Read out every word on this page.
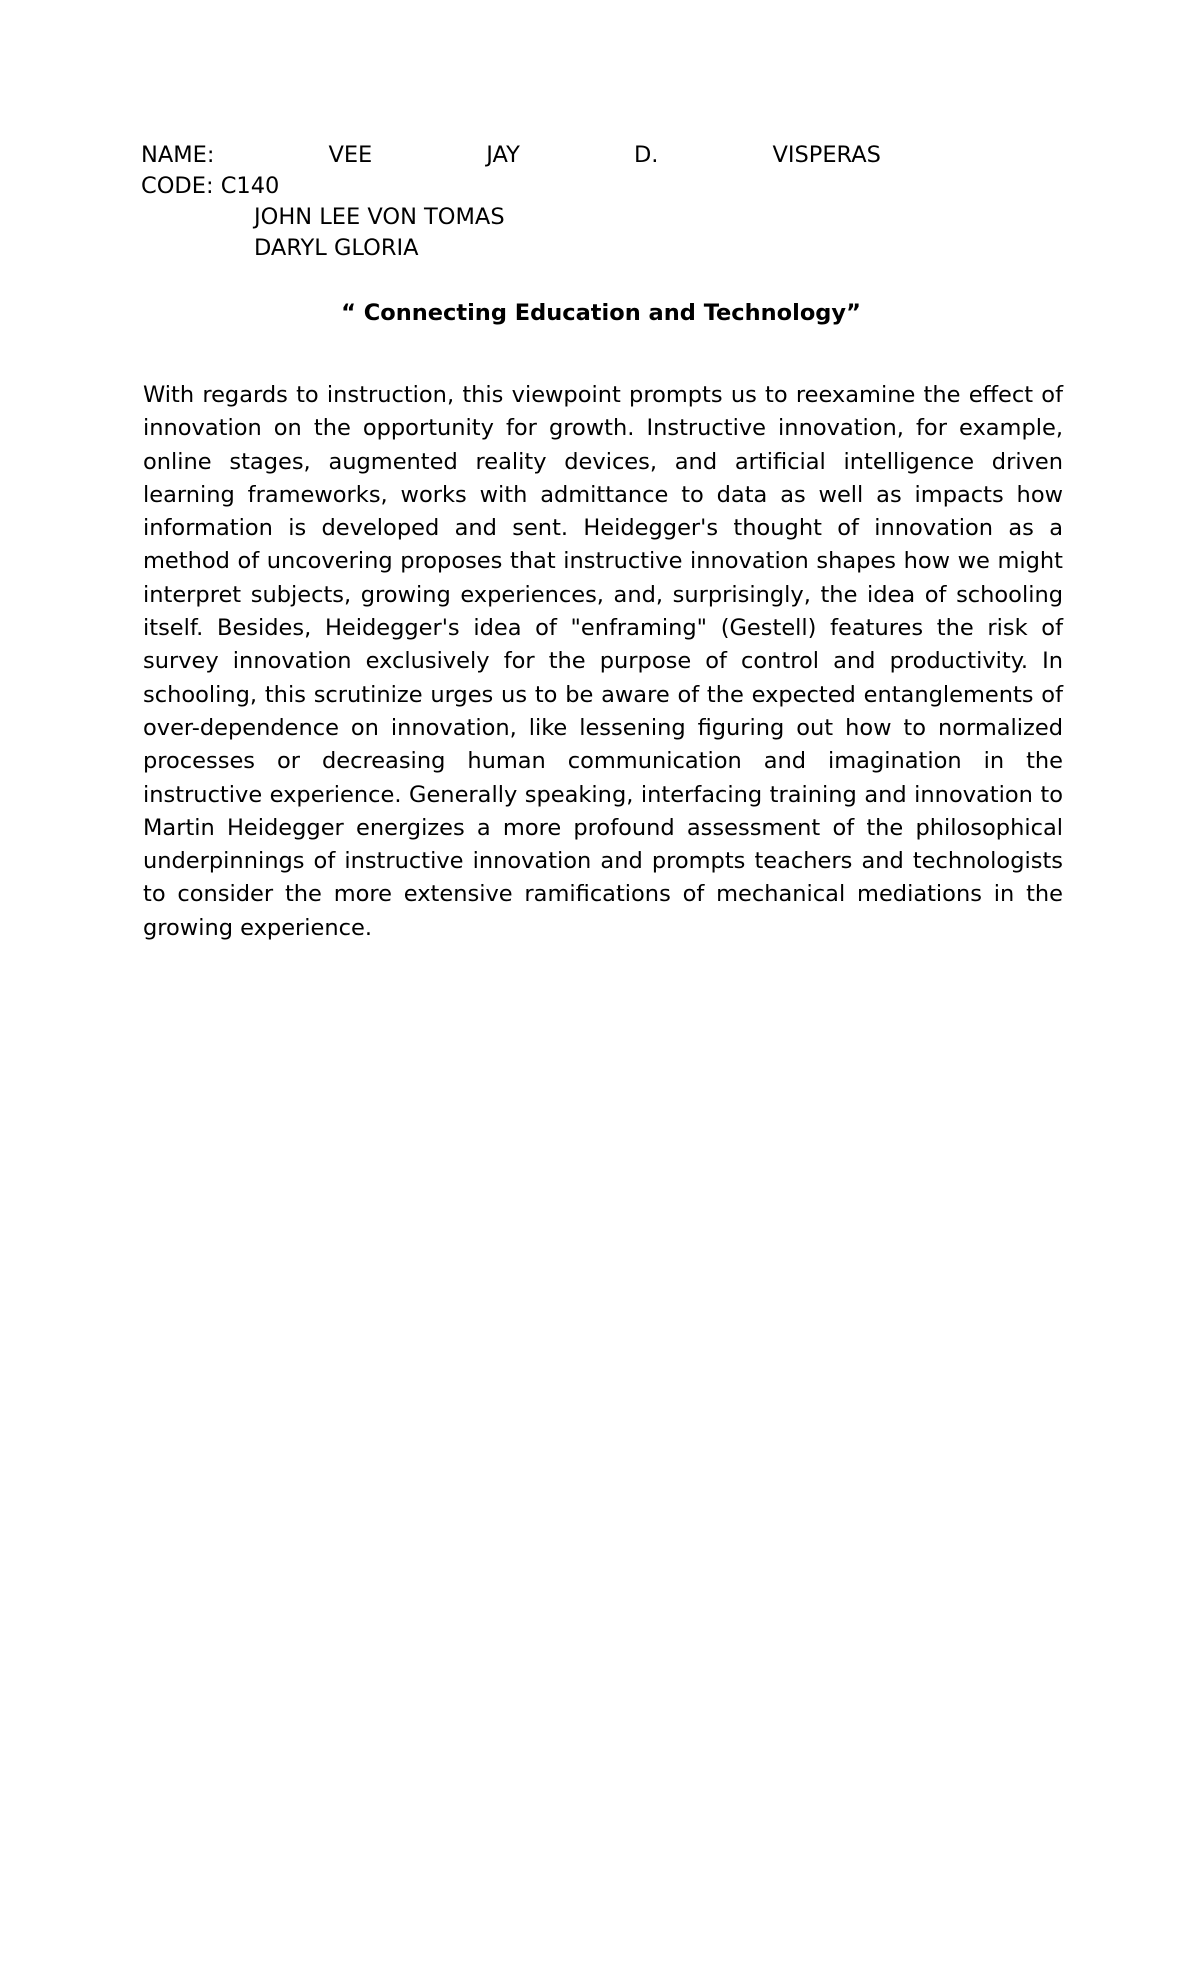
NAME:	VEE	JAY	D.	VISPERAS
CODE: C140
JOHN LEE VON TOMAS
DARYL GLORIA
“ Connecting Education and Technology”

With regards to instruction, this viewpoint prompts us to reexamine the effect of innovation on the opportunity for growth. Instructive innovation, for example, online stages, augmented reality devices, and artificial intelligence driven learning frameworks, works with admittance to data as well as impacts how information is developed and sent. Heidegger's thought of innovation as a method of uncovering proposes that instructive innovation shapes how we might interpret subjects, growing experiences, and, surprisingly, the idea of schooling itself. Besides, Heidegger's idea of "enframing" (Gestell) features the risk of survey innovation exclusively for the purpose of control and productivity. In schooling, this scrutinize urges us to be aware of the expected entanglements of over-dependence on innovation, like lessening figuring out how to normalized processes or decreasing human communication and imagination in the instructive experience. Generally speaking, interfacing training and innovation to Martin Heidegger energizes a more profound assessment of the philosophical underpinnings of instructive innovation and prompts teachers and technologists to consider the more extensive ramifications of mechanical mediations in the growing experience.
